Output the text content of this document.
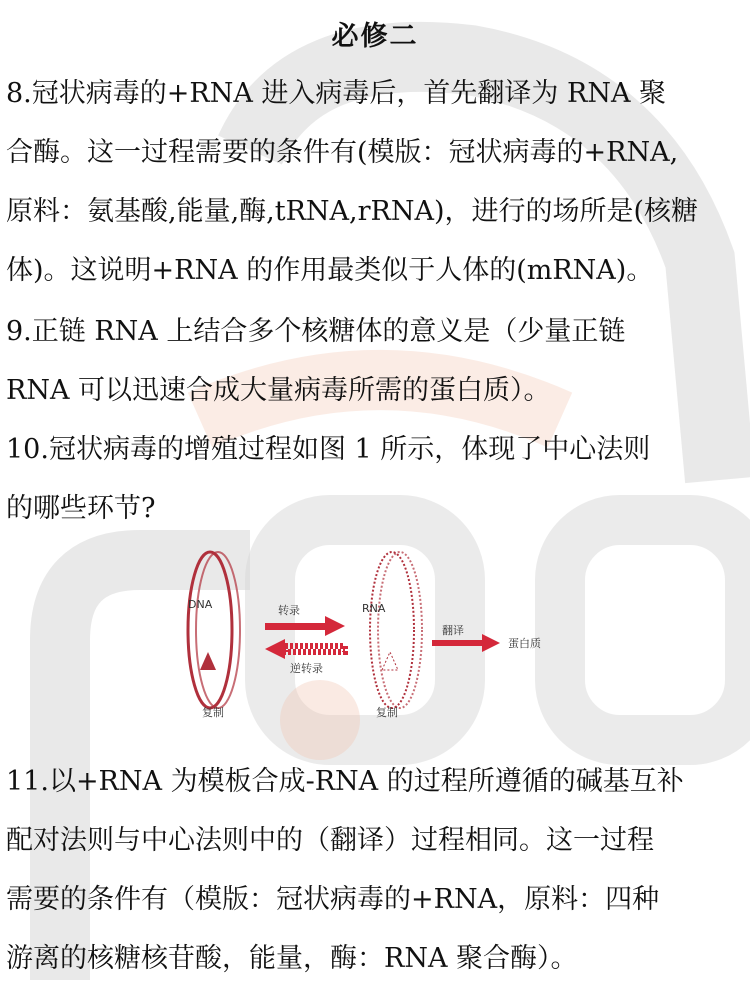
必修二
8.冠状病毒的+RNA 进入病毒后，首先翻译为 RNA 聚
合酶。这一过程需要的条件有(模版：冠状病毒的+RNA,
原料：氨基酸,能量,酶,tRNA,rRNA)，进行的场所是(核糖
体)。这说明+RNA 的作用最类似于人体的(mRNA)。
9.正链 RNA 上结合多个核糖体的意义是（少量正链
RNA 可以迅速合成大量病毒所需的蛋白质）。
10.冠状病毒的增殖过程如图 1 所示，体现了中心法则
的哪些环节?
DNA	RNA
转录
逆转录
翻译
蛋白质
复制	复制
11.以+RNA 为模板合成-RNA 的过程所遵循的碱基互补
配对法则与中心法则中的（翻译）过程相同。这一过程
需要的条件有（模版：冠状病毒的+RNA，原料：四种
游离的核糖核苷酸，能量，酶：RNA 聚合酶）。
